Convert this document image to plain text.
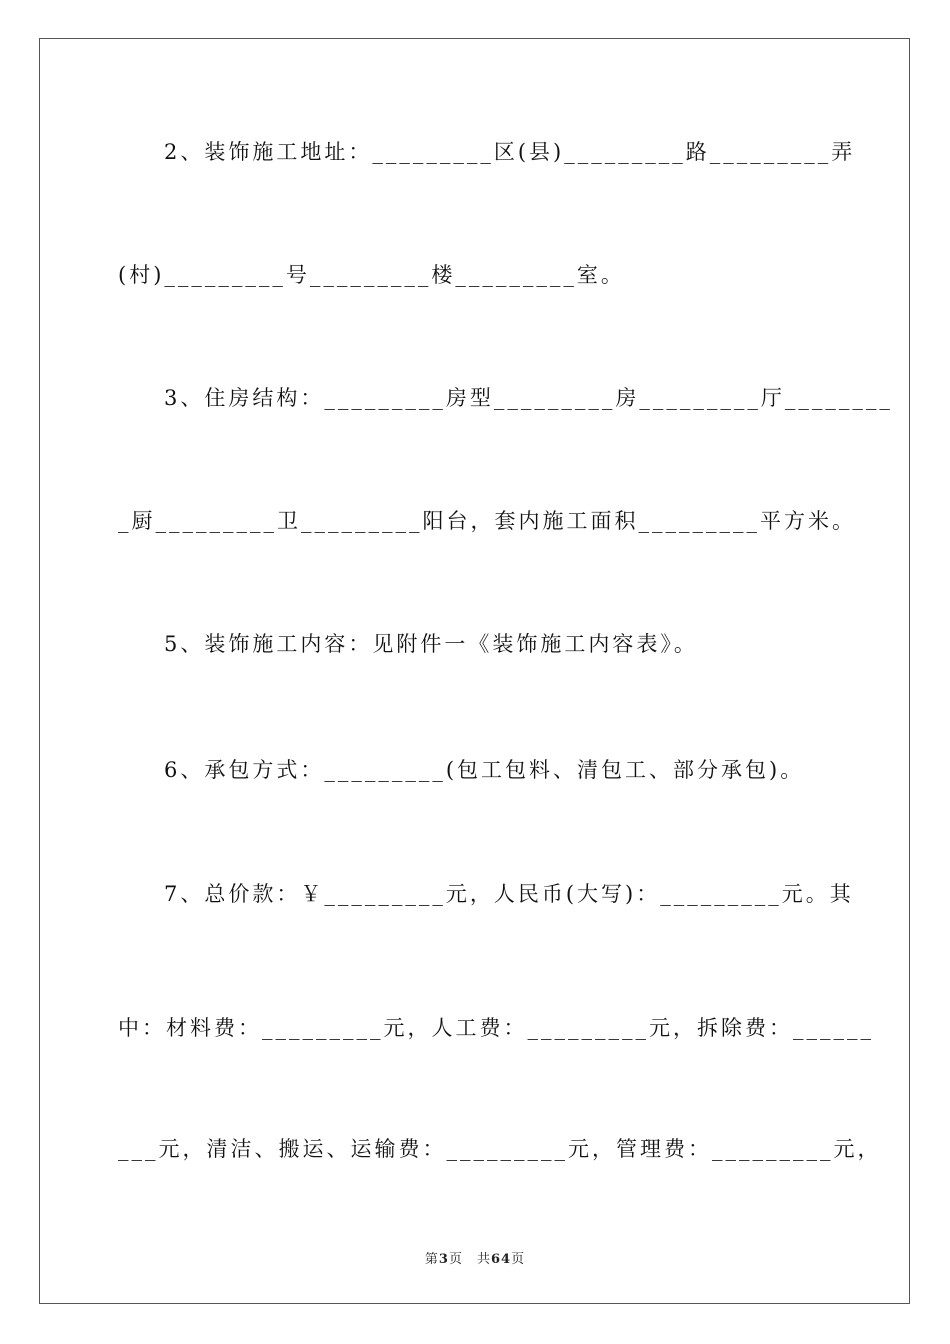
2、装饰施工地址：_________区(县)_________路_________弄
(村)_________号_________楼_________室。
3、住房结构：_________房型_________房_________厅________
_厨_________卫_________阳台，套内施工面积_________平方米。
5、装饰施工内容：见附件一《装饰施工内容表》。
6、承包方式：_________(包工包料、清包工、部分承包)。
7、总价款：￥_________元，人民币(大写)：_________元。其
中：材料费：_________元，人工费：_________元，拆除费：______
___元，清洁、搬运、运输费：_________元，管理费：_________元，
第3页　共64页
